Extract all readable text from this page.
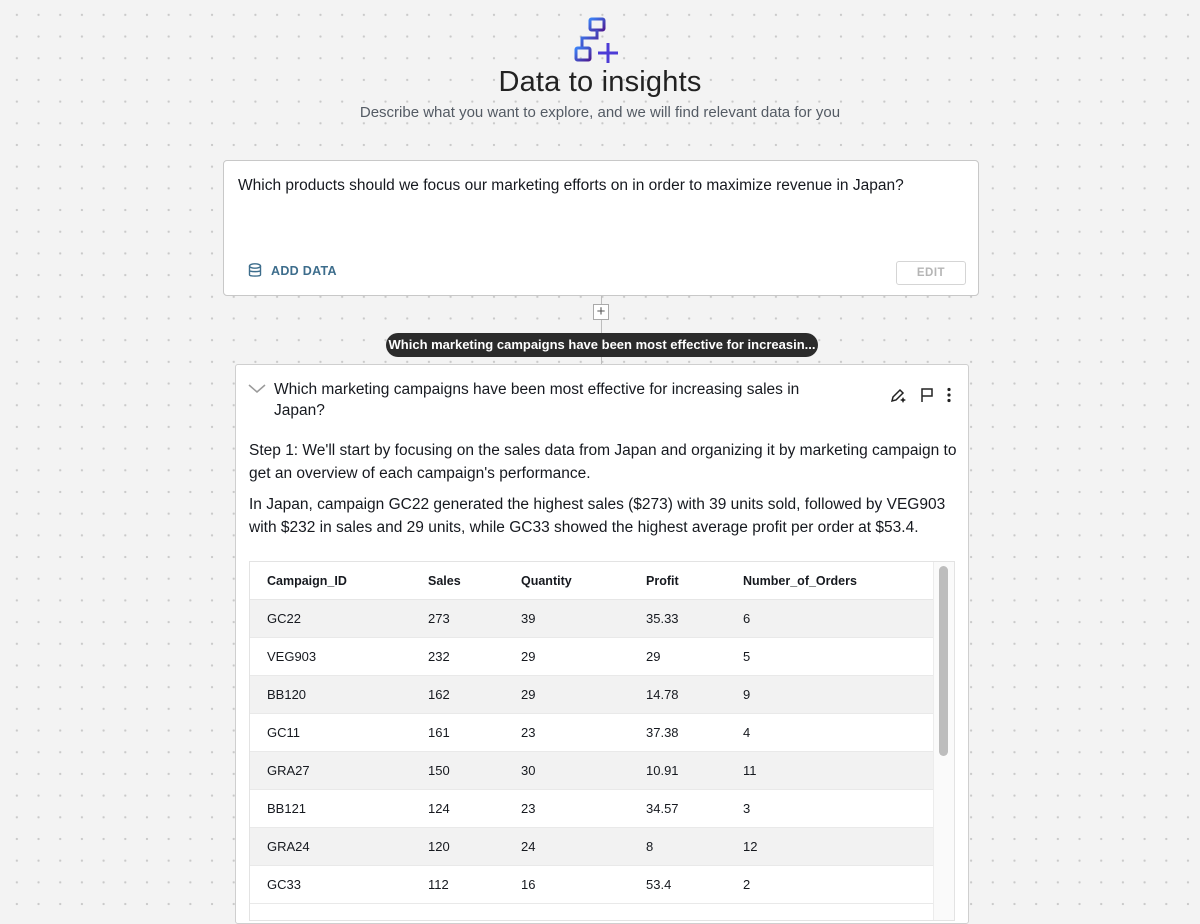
Data to insights
Describe what you want to explore, and we will find relevant data for you
Which products should we focus our marketing efforts on in order to maximize revenue in Japan?
ADD DATA	EDIT
+
Which marketing campaigns have been most effective for increasin...
Which marketing campaigns have been most effective for increasing sales in Japan?
Step 1: We'll start by focusing on the sales data from Japan and organizing it by marketing campaign to get an overview of each campaign's performance.
In Japan, campaign GC22 generated the highest sales ($273) with 39 units sold, followed by VEG903 with $232 in sales and 29 units, while GC33 showed the highest average profit per order at $53.4.
Campaign_ID	Sales	Quantity	Profit	Number_of_Orders
GC22	273	39	35.33	6
VEG903	232	29	29	5
BB120	162	29	14.78	9
GC11	161	23	37.38	4
GRA27	150	30	10.91	11
BB121	124	23	34.57	3
GRA24	120	24	8	12
GC33	112	16	53.4	2
